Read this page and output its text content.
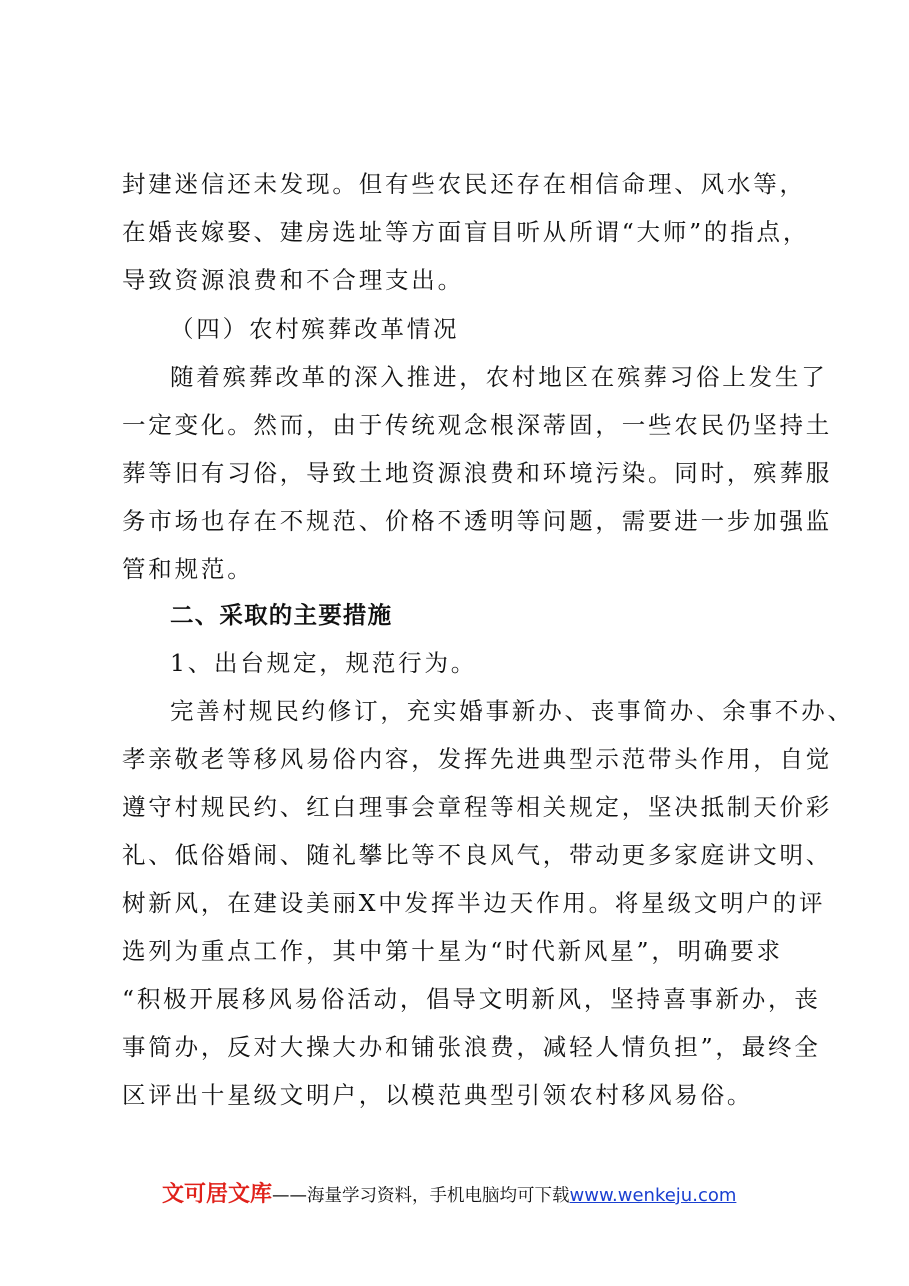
封建迷信还未发现。但有些农民还存在相信命理、风水等，
在婚丧嫁娶、建房选址等方面盲目听从所谓“大师”的指点，
导致资源浪费和不合理支出。
（四）农村殡葬改革情况
随着殡葬改革的深入推进，农村地区在殡葬习俗上发生了
一定变化。然而，由于传统观念根深蒂固，一些农民仍坚持土
葬等旧有习俗，导致土地资源浪费和环境污染。同时，殡葬服
务市场也存在不规范、价格不透明等问题，需要进一步加强监
管和规范。
二、采取的主要措施
1、出台规定，规范行为。
完善村规民约修订，充实婚事新办、丧事简办、余事不办、
孝亲敬老等移风易俗内容，发挥先进典型示范带头作用，自觉
遵守村规民约、红白理事会章程等相关规定，坚决抵制天价彩
礼、低俗婚闹、随礼攀比等不良风气，带动更多家庭讲文明、
树新风，在建设美丽X中发挥半边天作用。将星级文明户的评
选列为重点工作，其中第十星为“时代新风星”，明确要求
“积极开展移风易俗活动，倡导文明新风，坚持喜事新办，丧
事简办，反对大操大办和铺张浪费，减轻人情负担”，最终全
区评出十星级文明户，以模范典型引领农村移风易俗。
文可居文库——海量学习资料，手机电脑均可下载www.wenkeju.com
